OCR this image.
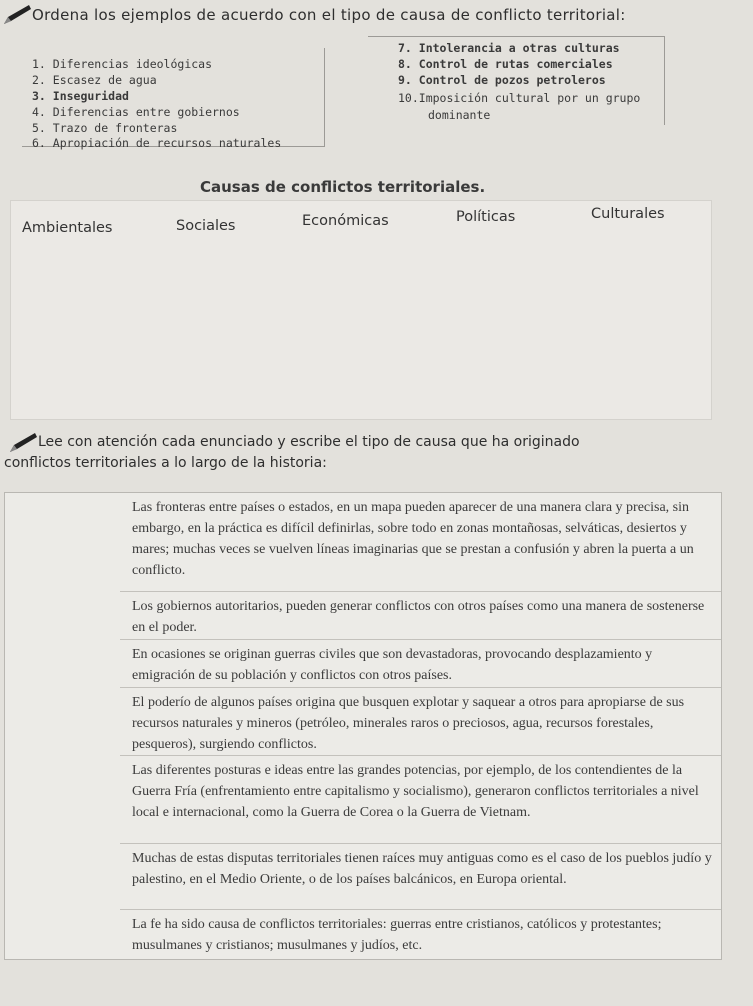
Ordena los ejemplos de acuerdo con el tipo de causa de conflicto territorial:
1. Diferencias ideológicas
2. Escasez de agua
3. Inseguridad
4. Diferencias entre gobiernos
5. Trazo de fronteras
6. Apropiación de recursos naturales
7. Intolerancia a otras culturas
8. Control de rutas comerciales
9. Control de pozos petroleros
10.Imposición cultural por un grupo
dominante
Causas de conflictos territoriales.
Ambientales	Sociales	Económicas	Políticas	Culturales
Lee con atención cada enunciado y escribe el tipo de causa que ha originado
conflictos territoriales a lo largo de la historia:
Las fronteras entre países o estados, en un mapa pueden aparecer de una manera clara y precisa, sin embargo, en la práctica es difícil definirlas, sobre todo en zonas montañosas, selváticas, desiertos y mares; muchas veces se vuelven líneas imaginarias que se prestan a confusión y abren la puerta a un conflicto.
Los gobiernos autoritarios, pueden generar conflictos con otros países como una manera de sostenerse en el poder.
En ocasiones se originan guerras civiles que son devastadoras, provocando desplazamiento y emigración de su población y conflictos con otros países.
El poderío de algunos países origina que busquen explotar y saquear a otros para apropiarse de sus recursos naturales y mineros (petróleo, minerales raros o preciosos, agua, recursos forestales, pesqueros), surgiendo conflictos.
Las diferentes posturas e ideas entre las grandes potencias, por ejemplo, de los contendientes de la Guerra Fría (enfrentamiento entre capitalismo y socialismo), generaron conflictos territoriales a nivel local e internacional, como la Guerra de Corea o la Guerra de Vietnam.
Muchas de estas disputas territoriales tienen raíces muy antiguas como es el caso de los pueblos judío y palestino, en el Medio Oriente, o de los países balcánicos, en Europa oriental.
La fe ha sido causa de conflictos territoriales: guerras entre cristianos, católicos y protestantes; musulmanes y cristianos; musulmanes y judíos, etc.
